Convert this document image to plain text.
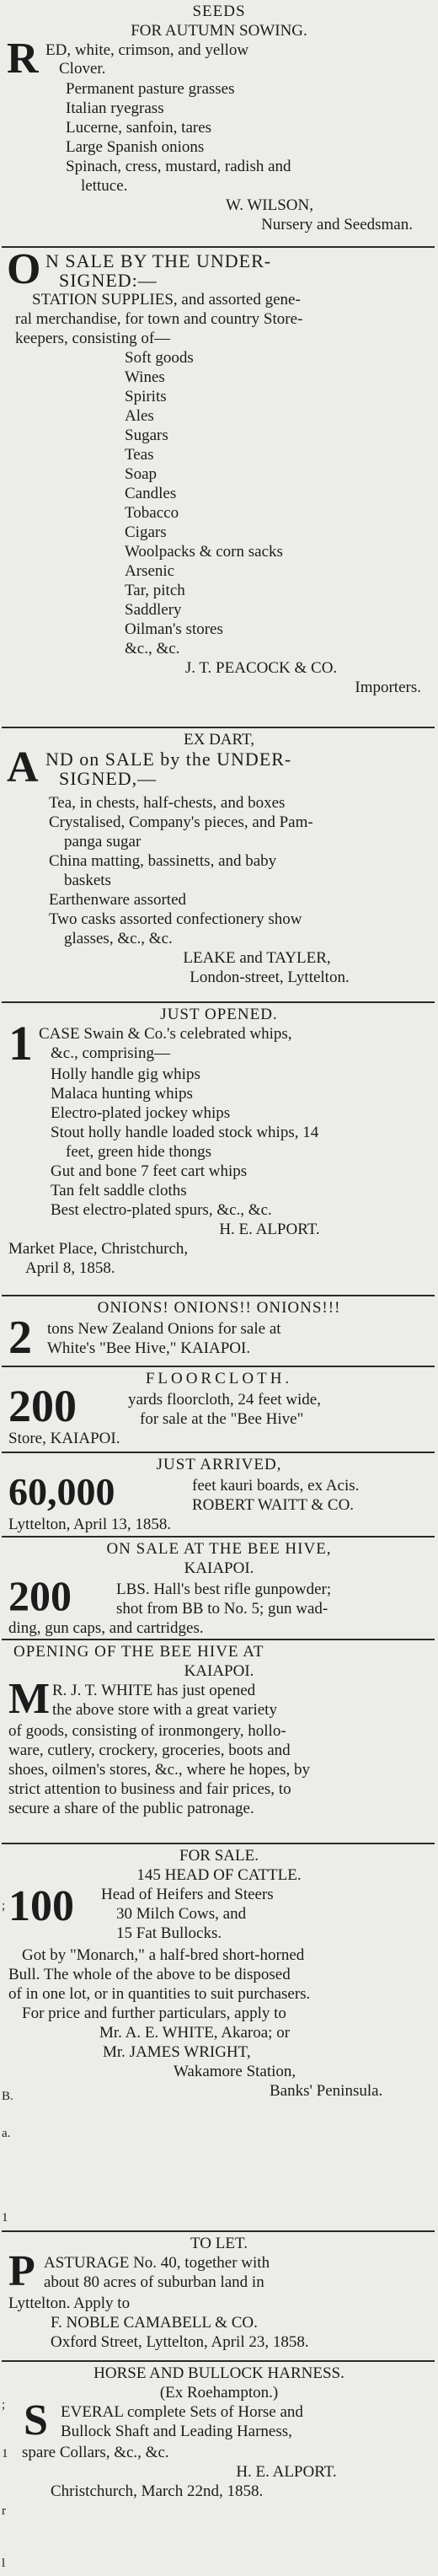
SEEDS
FOR AUTUMN SOWING.
R ED, white, crimson, and yellow
Clover.
Permanent pasture grasses
Italian ryegrass
Lucerne, sanfoin, tares
Large Spanish onions
Spinach, cress, mustard, radish and
lettuce.
W. WILSON,
Nursery and Seedsman.
O N SALE BY THE UNDER-
SIGNED:—
STATION SUPPLIES, and assorted gene-
ral merchandise, for town and country Store-
keepers, consisting of—
Soft goods
Wines
Spirits
Ales
Sugars
Teas
Soap
Candles
Tobacco
Cigars
Woolpacks & corn sacks
Arsenic
Tar, pitch
Saddlery
Oilman's stores
&c., &c.
J. T. PEACOCK & CO.
Importers.
EX DART,
A ND on SALE by the UNDER-
SIGNED,—
Tea, in chests, half-chests, and boxes
Crystalised, Company's pieces, and Pam-
panga sugar
China matting, bassinetts, and baby
baskets
Earthenware assorted
Two casks assorted confectionery show
glasses, &c., &c.
LEAKE and TAYLER,
London-street, Lyttelton.
JUST OPENED.
1 CASE Swain & Co.'s celebrated whips,
&c., comprising—
Holly handle gig whips
Malaca hunting whips
Electro-plated jockey whips
Stout holly handle loaded stock whips, 14
feet, green hide thongs
Gut and bone 7 feet cart whips
Tan felt saddle cloths
Best electro-plated spurs, &c., &c.
H. E. ALPORT.
Market Place, Christchurch,
April 8, 1858.
ONIONS! ONIONS!! ONIONS!!!
2 tons New Zealand Onions for sale at
White's "Bee Hive," KAIAPOI.
FLOORCLOTH.
200	yards floorcloth, 24 feet wide,
for sale at the "Bee Hive"
Store, KAIAPOI.
JUST ARRIVED,
60,000	feet kauri boards, ex Acis.
ROBERT WAITT & CO.
Lyttelton, April 13, 1858.
ON SALE AT THE BEE HIVE,
KAIAPOI.
200	LBS. Hall's best rifle gunpowder;
shot from BB to No. 5; gun wad-
ding, gun caps, and cartridges.
OPENING OF THE BEE HIVE AT
KAIAPOI.
M R. J. T. WHITE has just opened
the above store with a great variety
of goods, consisting of ironmongery, hollo-
ware, cutlery, crockery, groceries, boots and
shoes, oilmen's stores, &c., where he hopes, by
strict attention to business and fair prices, to
secure a share of the public patronage.
FOR SALE.
145 HEAD OF CATTLE.
100 Head of Heifers and Steers
30 Milch Cows, and
15 Fat Bullocks.
Got by "Monarch," a half-bred short-horned
Bull. The whole of the above to be disposed
of in one lot, or in quantities to suit purchasers.
For price and further particulars, apply to
Mr. A. E. WHITE, Akaroa; or
Mr. JAMES WRIGHT,
Wakamore Station,
Banks' Peninsula.
TO LET.
P ASTURAGE No. 40, together with
about 80 acres of suburban land in
Lyttelton. Apply to
F. NOBLE CAMABELL & CO.
Oxford Street, Lyttelton, April 23, 1858.
HORSE AND BULLOCK HARNESS.
(Ex Roehampton.)
S EVERAL complete Sets of Horse and
Bullock Shaft and Leading Harness,
spare Collars, &c., &c.
H. E. ALPORT.
Christchurch, March 22nd, 1858.
;
B.
a.
1
;
1
r
l
